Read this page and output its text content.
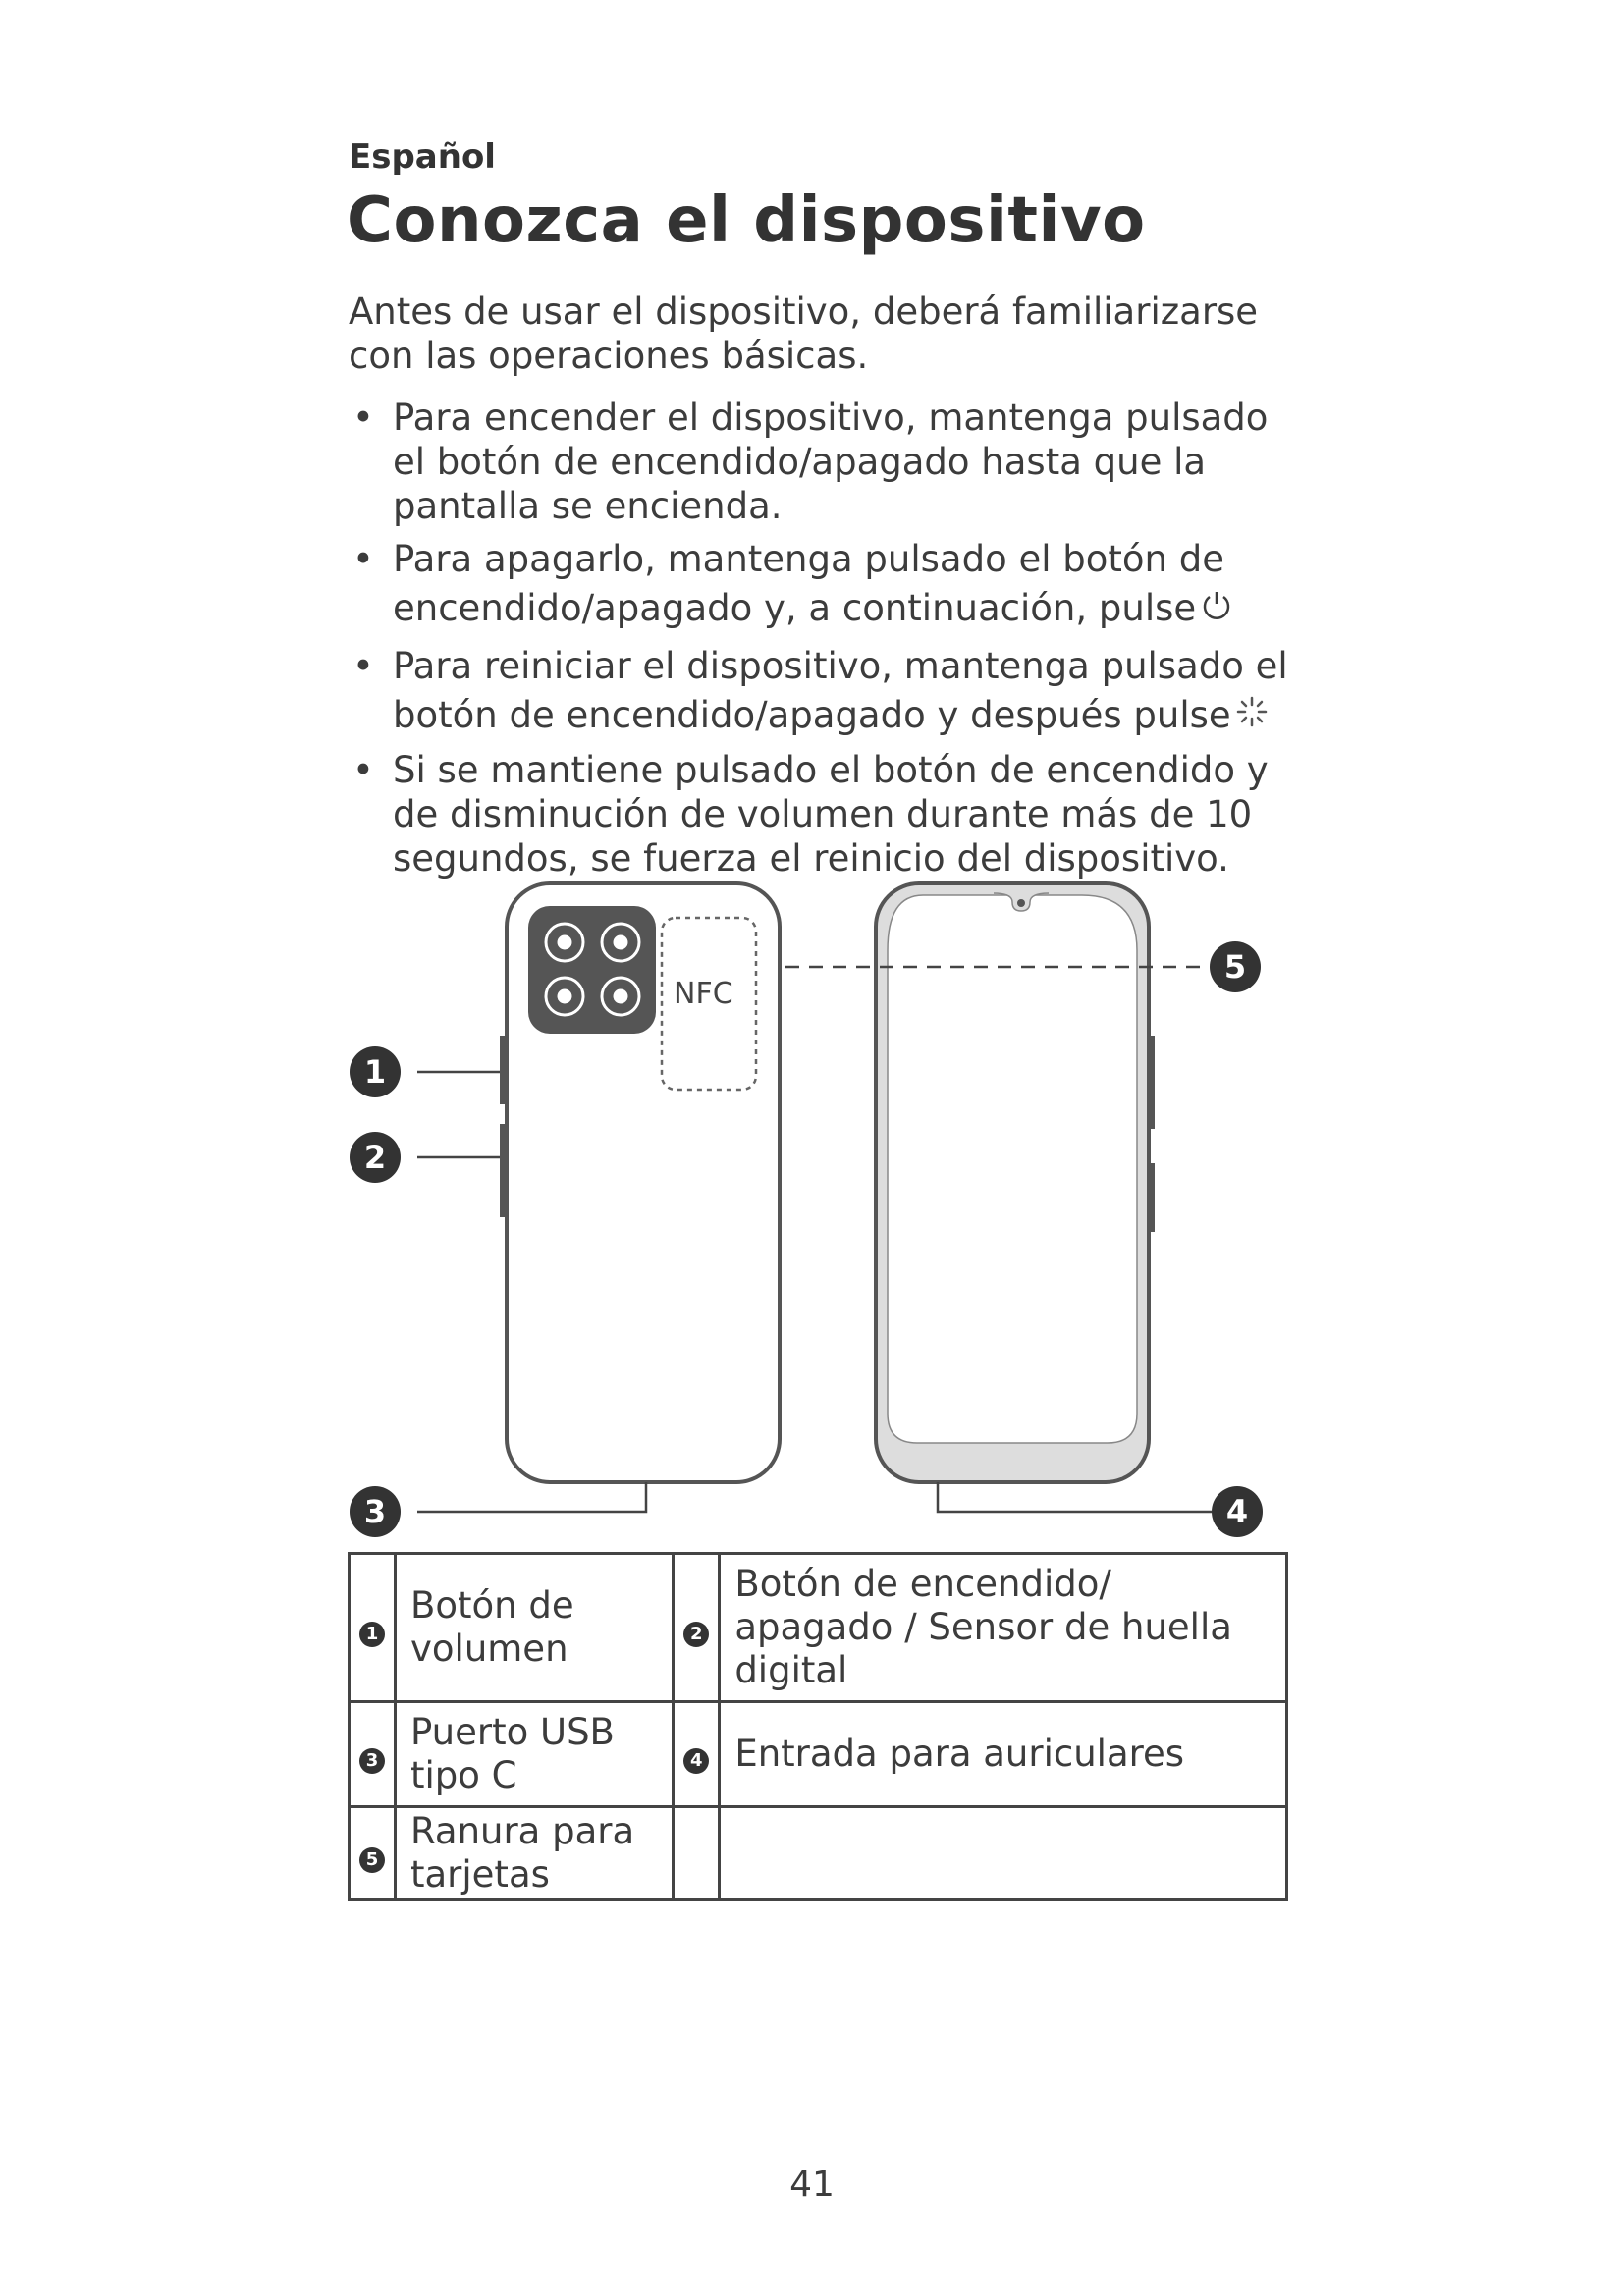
Español

Conozca el dispositivo

Antes de usar el dispositivo, deberá familiarizarse con las operaciones básicas.

• Para encender el dispositivo, mantenga pulsado el botón de encendido/apagado hasta que la pantalla se encienda.
• Para apagarlo, mantenga pulsado el botón de encendido/apagado y, a continuación, pulse
• Para reiniciar el dispositivo, mantenga pulsado el botón de encendido/apagado y después pulse
• Si se mantiene pulsado el botón de encendido y de disminución de volumen durante más de 10 segundos, se fuerza el reinicio del dispositivo.
NFC
1
2
3	4
5
1	Botón de volumen	2	Botón de encendido/ apagado / Sensor de huella digital
3	Puerto USB tipo C	4	Entrada para auriculares
5	Ranura para tarjetas		

41
